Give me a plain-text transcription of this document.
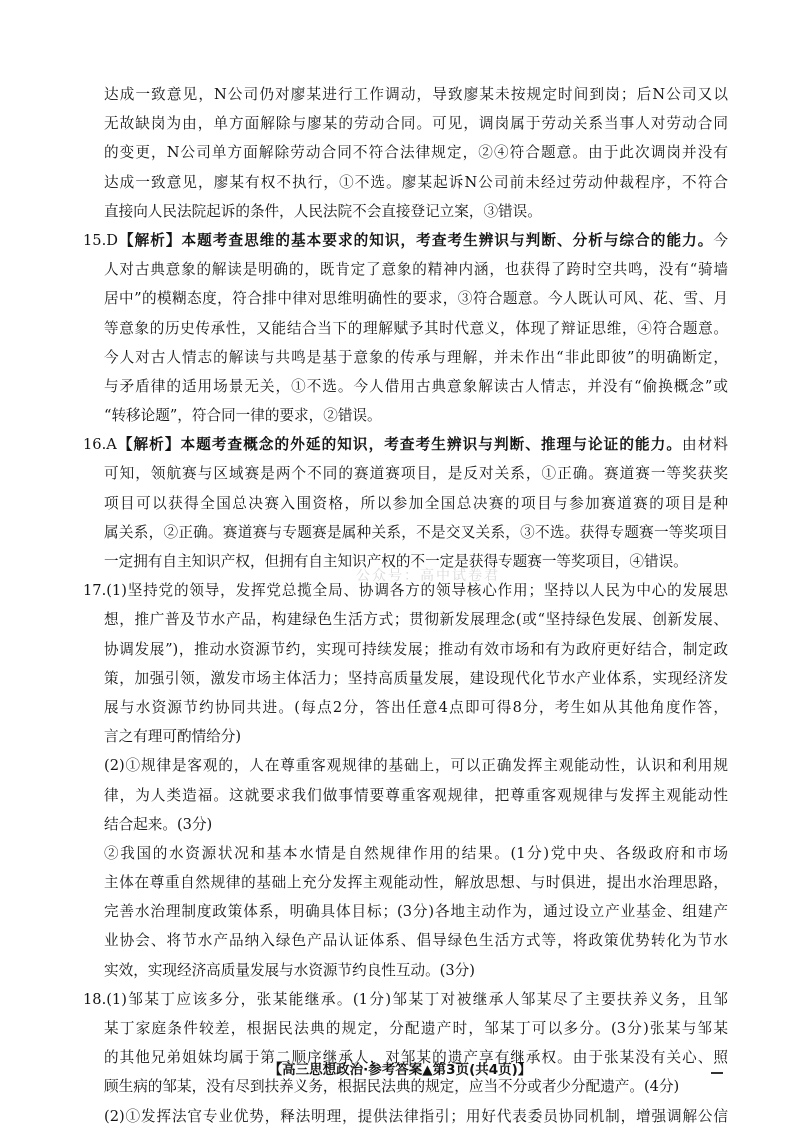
公众号：高中试卷君
达成一致意见，N公司仍对廖某进行工作调动，导致廖某未按规定时间到岗；后N公司又以
无故缺岗为由，单方面解除与廖某的劳动合同。可见，调岗属于劳动关系当事人对劳动合同
的变更，N公司单方面解除劳动合同不符合法律规定，②④符合题意。由于此次调岗并没有
达成一致意见，廖某有权不执行，①不选。廖某起诉N公司前未经过劳动仲裁程序，不符合
直接向人民法院起诉的条件，人民法院不会直接登记立案，③错误。
15.D【解析】本题考查思维的基本要求的知识，考查考生辨识与判断、分析与综合的能力。今
人对古典意象的解读是明确的，既肯定了意象的精神内涵，也获得了跨时空共鸣，没有“骑墙
居中”的模糊态度，符合排中律对思维明确性的要求，③符合题意。今人既认可风、花、雪、月
等意象的历史传承性，又能结合当下的理解赋予其时代意义，体现了辩证思维，④符合题意。
今人对古人情志的解读与共鸣是基于意象的传承与理解，并未作出“非此即彼”的明确断定，
与矛盾律的适用场景无关，①不选。今人借用古典意象解读古人情志，并没有“偷换概念”或
“转移论题”，符合同一律的要求，②错误。
16.A【解析】本题考查概念的外延的知识，考查考生辨识与判断、推理与论证的能力。由材料
可知，领航赛与区域赛是两个不同的赛道赛项目，是反对关系，①正确。赛道赛一等奖获奖
项目可以获得全国总决赛入围资格，所以参加全国总决赛的项目与参加赛道赛的项目是种
属关系，②正确。赛道赛与专题赛是属种关系，不是交叉关系，③不选。获得专题赛一等奖项目
一定拥有自主知识产权，但拥有自主知识产权的不一定是获得专题赛一等奖项目，④错误。
17.(1)坚持党的领导，发挥党总揽全局、协调各方的领导核心作用；坚持以人民为中心的发展思
想，推广普及节水产品，构建绿色生活方式；贯彻新发展理念(或“坚持绿色发展、创新发展、
协调发展”)，推动水资源节约，实现可持续发展；推动有效市场和有为政府更好结合，制定政
策，加强引领，激发市场主体活力；坚持高质量发展，建设现代化节水产业体系，实现经济发
展与水资源节约协同共进。(每点2分，答出任意4点即可得8分，考生如从其他角度作答，
言之有理可酌情给分)
(2)①规律是客观的，人在尊重客观规律的基础上，可以正确发挥主观能动性，认识和利用规
律，为人类造福。这就要求我们做事情要尊重客观规律，把尊重客观规律与发挥主观能动性
结合起来。(3分)
②我国的水资源状况和基本水情是自然规律作用的结果。(1分)党中央、各级政府和市场
主体在尊重自然规律的基础上充分发挥主观能动性，解放思想、与时俱进，提出水治理思路，
完善水治理制度政策体系，明确具体目标；(3分)各地主动作为，通过设立产业基金、组建产
业协会、将节水产品纳入绿色产品认证体系、倡导绿色生活方式等，将政策优势转化为节水
实效，实现经济高质量发展与水资源节约良性互动。(3分)
18.(1)邹某丁应该多分，张某能继承。(1分)邹某丁对被继承人邹某尽了主要扶养义务，且邹
某丁家庭条件较差，根据民法典的规定，分配遗产时，邹某丁可以多分。(3分)张某与邹某
的其他兄弟姐妹均属于第二顺序继承人，对邹某的遗产享有继承权。由于张某没有关心、照
顾生病的邹某，没有尽到扶养义务，根据民法典的规定，应当不分或者少分配遗产。(4分)
(2)①发挥法官专业优势，释法明理，提供法律指引；用好代表委员协同机制，增强调解公信
【高三思想政治·参考答案▲第3页(共4页)】
